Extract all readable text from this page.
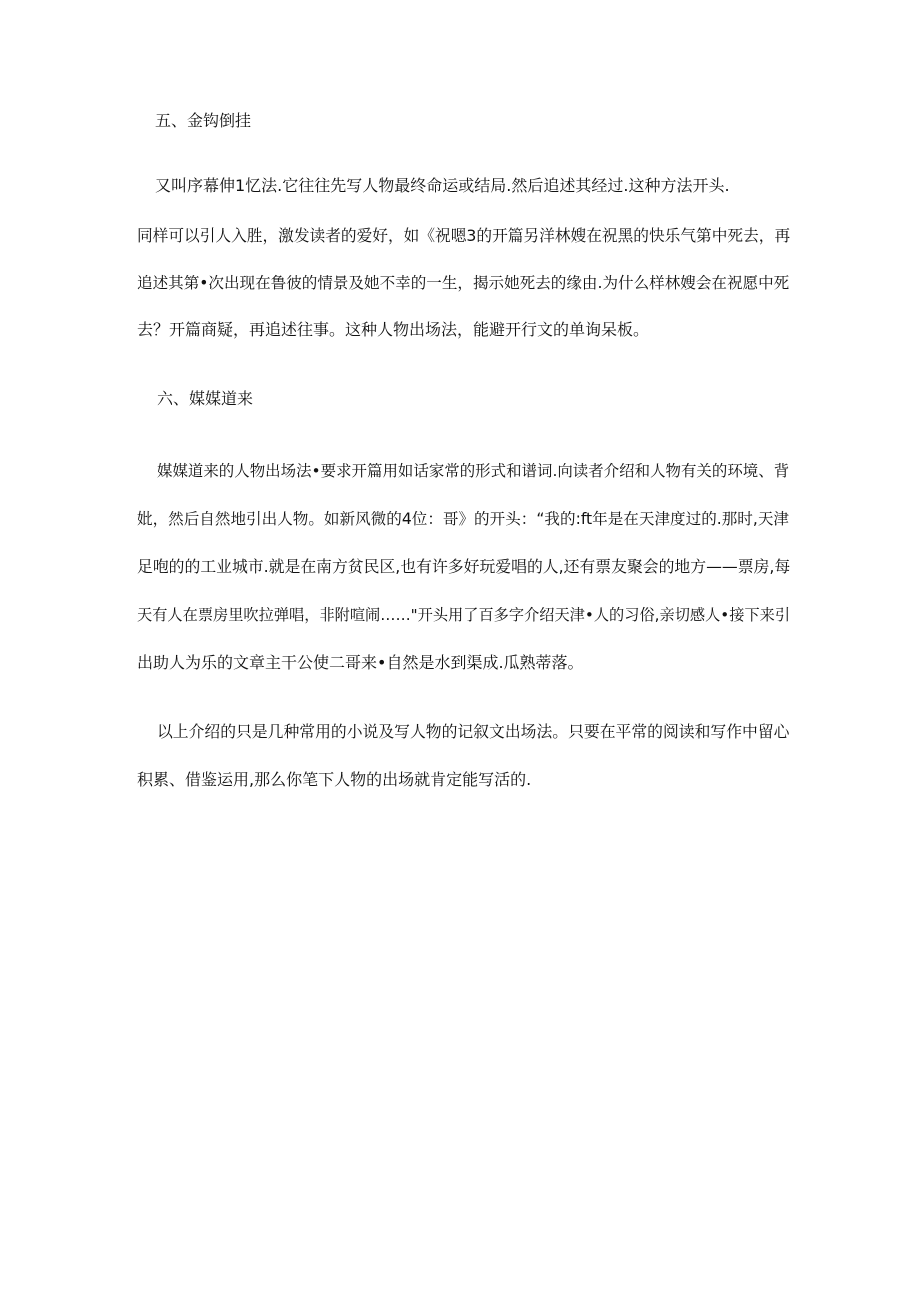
五、金钩倒挂
又叫序幕伸1忆法.它往往先写人物最终命运或结局.然后追述其经过.这种方法开头.
同样可以引人入胜，激发读者的爱好，如《祝嗯3的开篇另洋林嫂在祝黑的快乐气第中死去，再
追述其第•次出现在鲁彼的情景及她不幸的一生，揭示她死去的缘由.为什么样林嫂会在祝愿中死
去？开篇商疑，再追述往事。这种人物出场法，能避开行文的单询呆板。
六、媒媒道来
媒媒道来的人物出场法•要求开篇用如话家常的形式和谱词.向读者介绍和人物有关的环境、背
妣，然后自然地引出人物。如新风微的4位：哥》的开头：“我的:ft年是在天津度过的.那时,天津
足咆的的工业城市.就是在南方贫民区,也有许多好玩爱唱的人,还有票友聚会的地方——票房,每
天有人在票房里吹拉弹唱，非附喧闹……"开头用了百多字介绍天津•人的习俗,亲切感人•接下来引
出助人为乐的文章主干公使二哥来•自然是水到渠成.瓜熟蒂落。
以上介绍的只是几种常用的小说及写人物的记叙文出场法。只要在平常的阅读和写作中留心
积累、借鉴运用,那么你笔下人物的出场就肯定能写活的.
